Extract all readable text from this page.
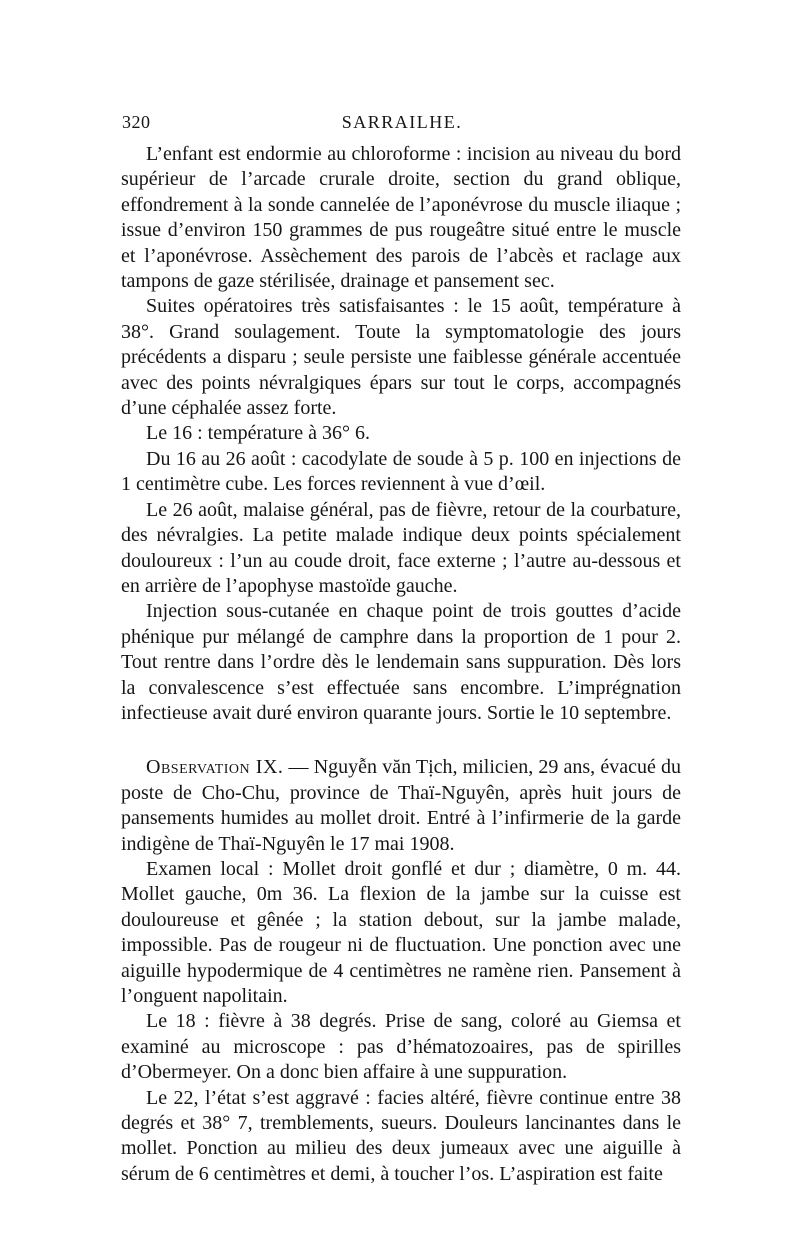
320	SARRAILHE.

L’enfant est endormie au chloroforme : incision au niveau du bord supérieur de l’arcade crurale droite, section du grand oblique, effondrement à la sonde cannelée de l’aponévrose du muscle iliaque ; issue d’environ 150 grammes de pus rougeâtre situé entre le muscle et l’aponévrose. Assèchement des parois de l’abcès et raclage aux tampons de gaze stérilisée, drainage et pansement sec.

Suites opératoires très satisfaisantes : le 15 août, température à 38°. Grand soulagement. Toute la symptomatologie des jours précédents a disparu ; seule persiste une faiblesse générale accentuée avec des points névralgiques épars sur tout le corps, accompagnés d’une céphalée assez forte.

Le 16 : température à 36° 6.

Du 16 au 26 août : cacodylate de soude à 5 p. 100 en injections de 1 centimètre cube. Les forces reviennent à vue d’œil.

Le 26 août, malaise général, pas de fièvre, retour de la courbature, des névralgies. La petite malade indique deux points spécialement douloureux : l’un au coude droit, face externe ; l’autre au-dessous et en arrière de l’apophyse mastoïde gauche.

Injection sous-cutanée en chaque point de trois gouttes d’acide phénique pur mélangé de camphre dans la proportion de 1 pour 2. Tout rentre dans l’ordre dès le lendemain sans suppuration. Dès lors la convalescence s’est effectuée sans encombre. L’imprégnation infectieuse avait duré environ quarante jours. Sortie le 10 septembre.

Observation IX. — Nguyễn văn Tịch, milicien, 29 ans, évacué du poste de Cho-Chu, province de Thaï-Nguyên, après huit jours de pansements humides au mollet droit. Entré à l’infirmerie de la garde indigène de Thaï-Nguyên le 17 mai 1908.

Examen local : Mollet droit gonflé et dur ; diamètre, 0 m. 44. Mollet gauche, 0m 36. La flexion de la jambe sur la cuisse est douloureuse et gênée ; la station debout, sur la jambe malade, impossible. Pas de rougeur ni de fluctuation. Une ponction avec une aiguille hypodermique de 4 centimètres ne ramène rien. Pansement à l’onguent napolitain.

Le 18 : fièvre à 38 degrés. Prise de sang, coloré au Giemsa et examiné au microscope : pas d’hématozoaires, pas de spirilles d’Obermeyer. On a donc bien affaire à une suppuration.

Le 22, l’état s’est aggravé : facies altéré, fièvre continue entre 38 degrés et 38° 7, tremblements, sueurs. Douleurs lancinantes dans le mollet. Ponction au milieu des deux jumeaux avec une aiguille à sérum de 6 centimètres et demi, à toucher l’os. L’aspiration est faite
